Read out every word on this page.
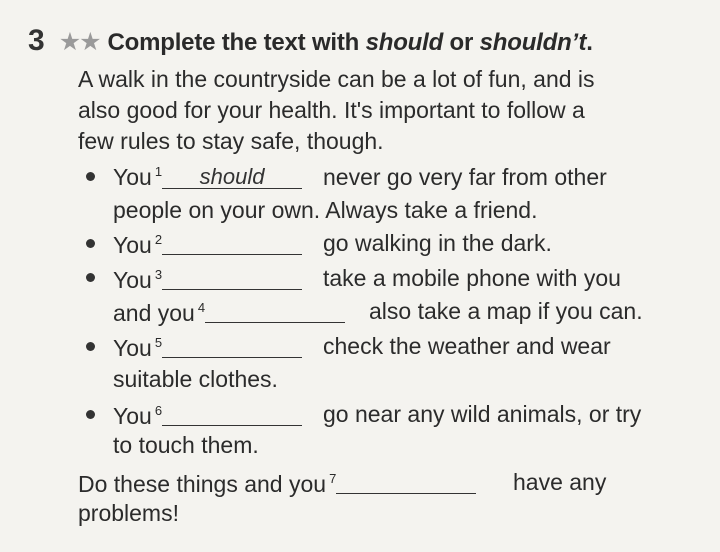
3 ★★ Complete the text with should or shouldn’t.
A walk in the countryside can be a lot of fun, and is
also good for your health. It's important to follow a
few rules to stay safe, though.
You $^1$ should	never go very far from other
people on your own. Always take a friend.
You $^2$	go walking in the dark.
You $^3$	take a mobile phone with you
and you $^4$	also take a map if you can.
You $^5$	check the weather and wear
suitable clothes.
You $^6$	go near any wild animals, or try
to touch them.
Do these things and you $^7$	have any
problems!
